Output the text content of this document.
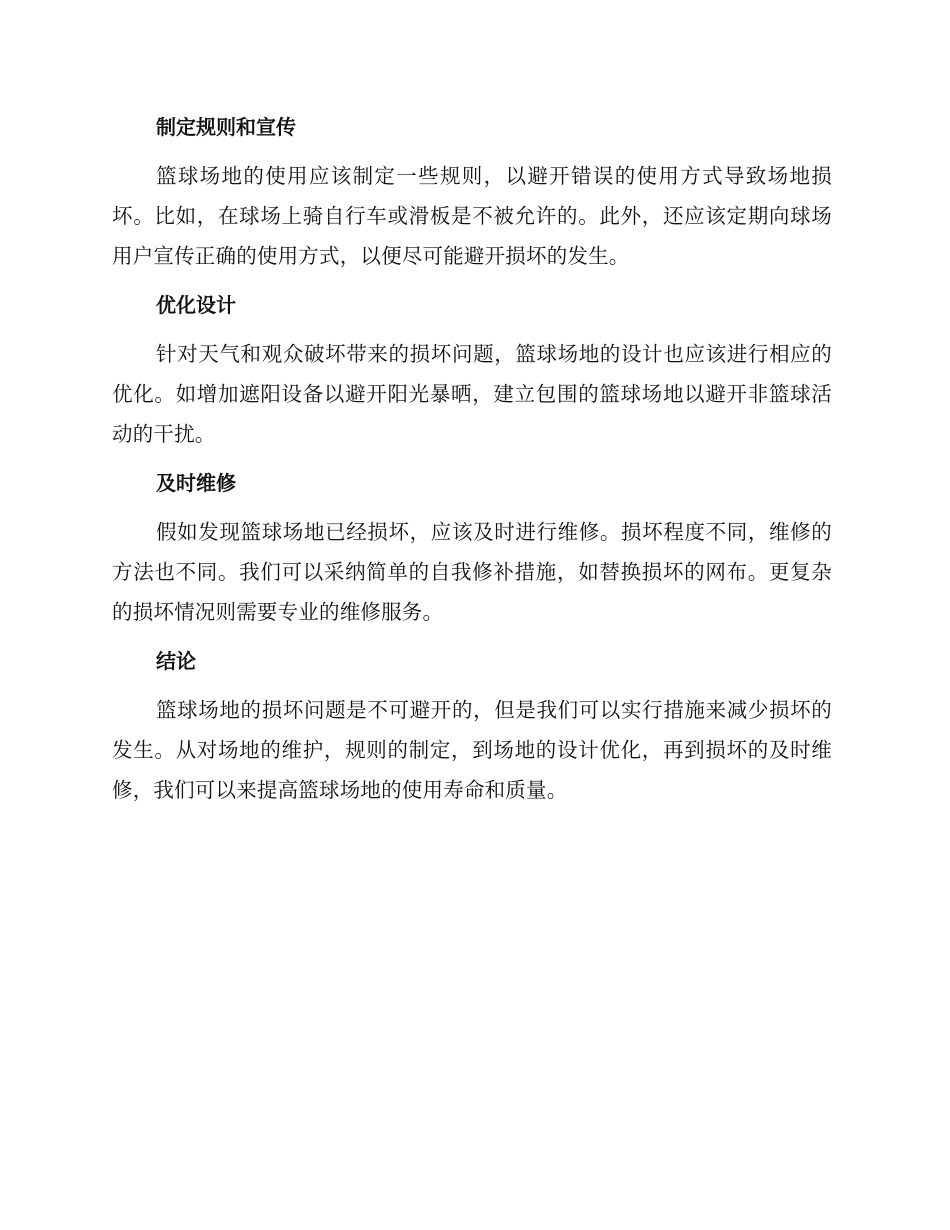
制定规则和宣传

篮球场地的使用应该制定一些规则，以避开错误的使用方式导致场地损坏。比如，在球场上骑自行车或滑板是不被允许的。此外，还应该定期向球场用户宣传正确的使用方式，以便尽可能避开损坏的发生。

优化设计

针对天气和观众破坏带来的损坏问题，篮球场地的设计也应该进行相应的优化。如增加遮阳设备以避开阳光暴晒，建立包围的篮球场地以避开非篮球活动的干扰。

及时维修

假如发现篮球场地已经损坏，应该及时进行维修。损坏程度不同，维修的方法也不同。我们可以采纳简单的自我修补措施，如替换损坏的网布。更复杂的损坏情况则需要专业的维修服务。

结论

篮球场地的损坏问题是不可避开的，但是我们可以实行措施来减少损坏的发生。从对场地的维护，规则的制定，到场地的设计优化，再到损坏的及时维修，我们可以来提高篮球场地的使用寿命和质量。
